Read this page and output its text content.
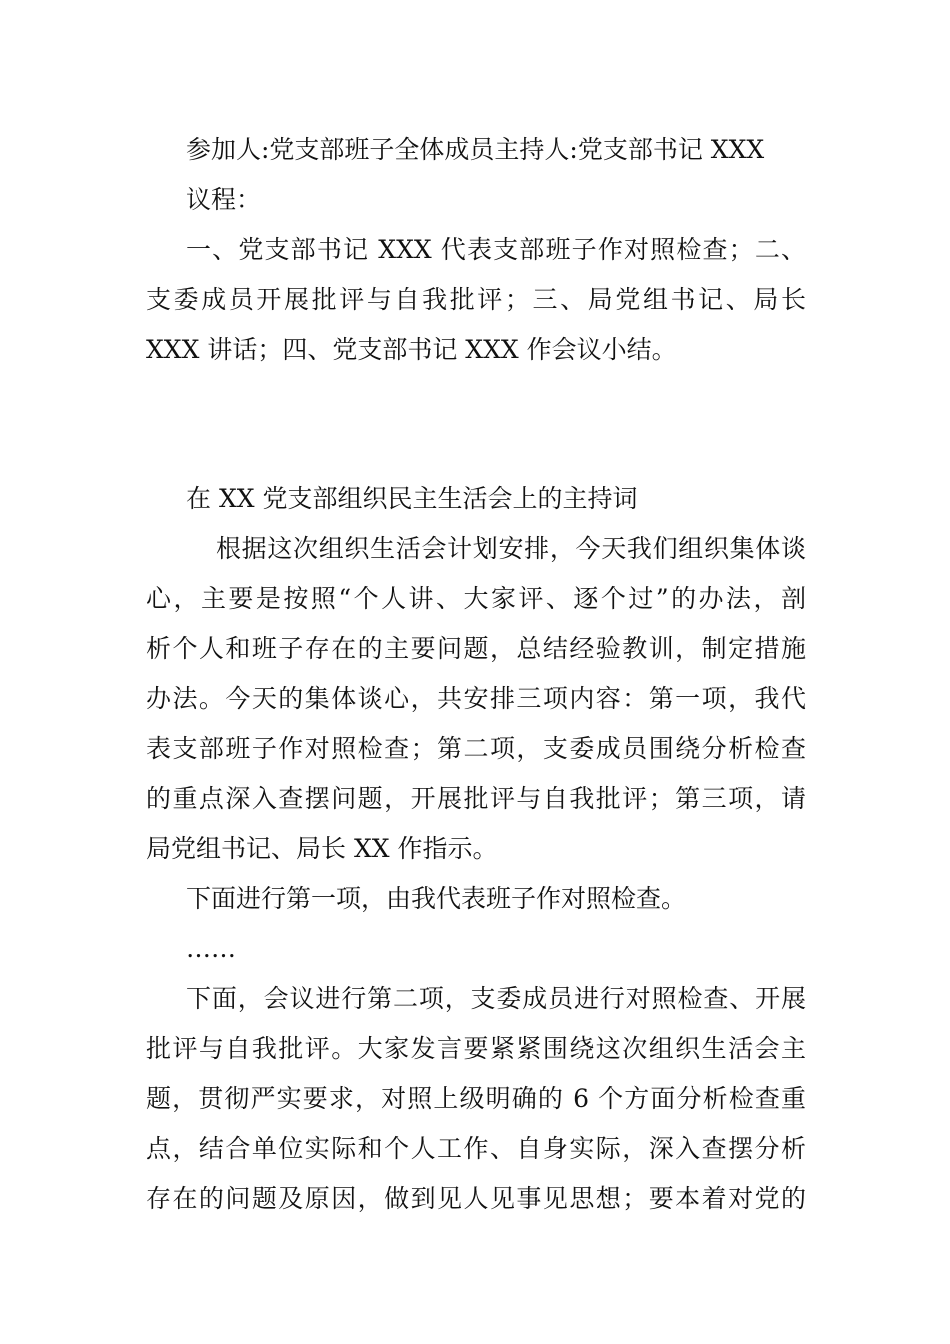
参加人:党支部班子全体成员主持人:党支部书记 XXX
议程：
一、党支部书记 XXX 代表支部班子作对照检查；二、
支委成员开展批评与自我批评；三、局党组书记、局长
XXX 讲话；四、党支部书记 XXX 作会议小结。
在 XX 党支部组织民主生活会上的主持词
根据这次组织生活会计划安排，今天我们组织集体谈
心，主要是按照“个人讲、大家评、逐个过”的办法，剖
析个人和班子存在的主要问题，总结经验教训，制定措施
办法。今天的集体谈心，共安排三项内容：第一项，我代
表支部班子作对照检查；第二项，支委成员围绕分析检查
的重点深入查摆问题，开展批评与自我批评；第三项，请
局党组书记、局长 XX 作指示。
下面进行第一项，由我代表班子作对照检查。
……
下面，会议进行第二项，支委成员进行对照检查、开展
批评与自我批评。大家发言要紧紧围绕这次组织生活会主
题，贯彻严实要求，对照上级明确的 6 个方面分析检查重
点，结合单位实际和个人工作、自身实际，深入查摆分析
存在的问题及原因，做到见人见事见思想；要本着对党的
